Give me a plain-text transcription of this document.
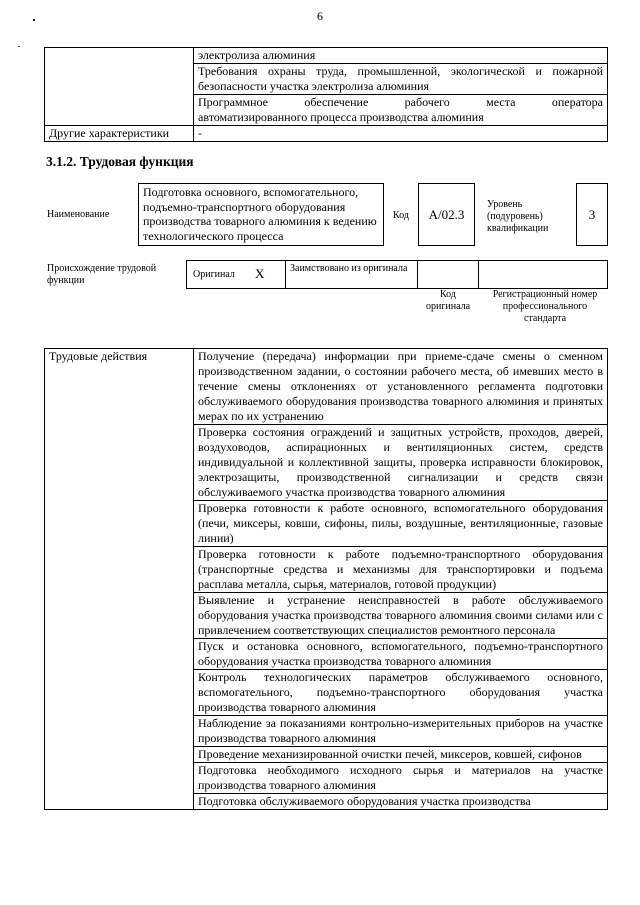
6

	электролиза алюминия

	Требования охраны труда, промышленной, экологической и пожарной
безопасности участка электролиза алюминия

	Программное обеспечение рабочего места оператора
автоматизированного процесса производства алюминия

Другие характеристики	-
3.1.2. Трудовая функция
Наименование
Подготовка основного, вспомогательного, подъемно-транспортного оборудования производства товарного алюминия к ведению технологического процесса
Код	А/02.3
Уровень (подуровень) квалификации
3
Происхождение трудовой функции
Оригинал X	Заимствовано из оригинала
Код оригинала
Регистрационный номер профессионального стандарта
Трудовые действия	Получение (передача) информации при приеме-сдаче смены о сменном производственном задании, о состоянии рабочего места, об имевших место в течение смены отклонениях от установленного регламента подготовки обслуживаемого оборудования производства товарного алюминия и принятых мерах по их устранению
Проверка состояния ограждений и защитных устройств, проходов, дверей, воздуховодов, аспирационных и вентиляционных систем, средств индивидуальной и коллективной защиты, проверка исправности блокировок, электрозащиты, производственной сигнализации и средств связи обслуживаемого участка производства товарного алюминия
Проверка готовности к работе основного, вспомогательного оборудования (печи, миксеры, ковши, сифоны, пилы, воздушные, вентиляционные, газовые линии)
Проверка готовности к работе подъемно-транспортного оборудования (транспортные средства и механизмы для транспортировки и подъема расплава металла, сырья, материалов, готовой продукции)
Выявление и устранение неисправностей в работе обслуживаемого оборудования участка производства товарного алюминия своими силами или с привлечением соответствующих специалистов ремонтного персонала
Пуск и остановка основного, вспомогательного, подъемно-транспортного оборудования участка производства товарного алюминия
Контроль технологических параметров обслуживаемого основного, вспомогательного, подъемно-транспортного оборудования участка производства товарного алюминия
Наблюдение за показаниями контрольно-измерительных приборов на участке производства товарного алюминия
Проведение механизированной очистки печей, миксеров, ковшей, сифонов
Подготовка необходимого исходного сырья и материалов на участке производства товарного алюминия
Подготовка обслуживаемого оборудования участка производства
